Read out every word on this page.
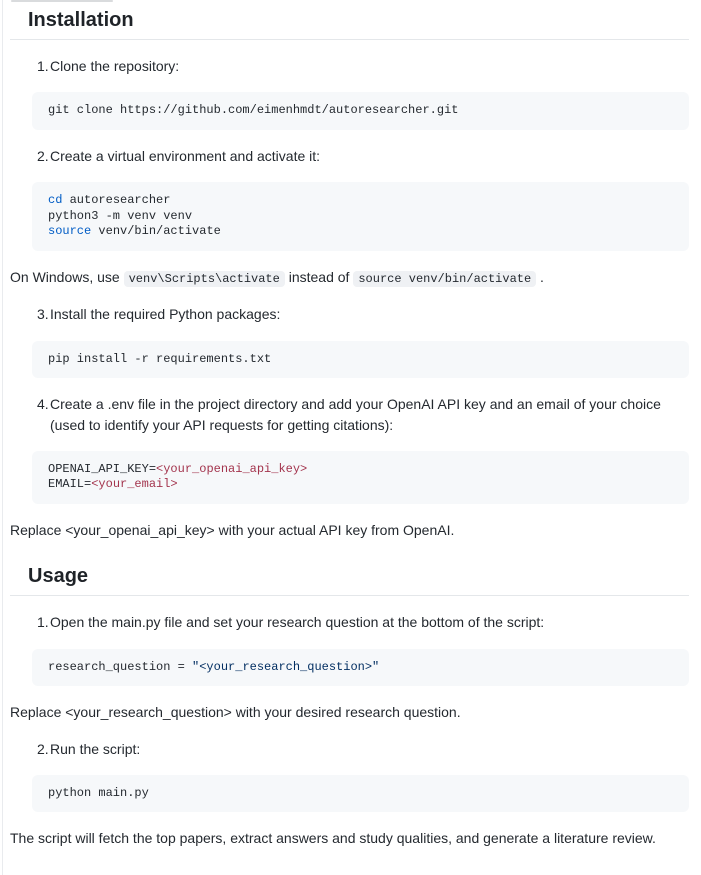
Installation
1. Clone the repository:
git clone https://github.com/eimenhmdt/autoresearcher.git
2. Create a virtual environment and activate it:
cd autoresearcher
python3 -m venv venv
source venv/bin/activate

On Windows, use venv\Scripts\activate instead of source venv/bin/activate .

3. Install the required Python packages:
pip install -r requirements.txt
4. Create a .env file in the project directory and add your OpenAI API key and an email of your choice (used to identify your API requests for getting citations):
OPENAI_API_KEY=<your_openai_api_key>
EMAIL=<your_email>

Replace <your_openai_api_key> with your actual API key from OpenAI.

Usage
1. Open the main.py file and set your research question at the bottom of the script:
research_question = "<your_research_question>"

Replace <your_research_question> with your desired research question.

2. Run the script:
python main.py

The script will fetch the top papers, extract answers and study qualities, and generate a literature review.
